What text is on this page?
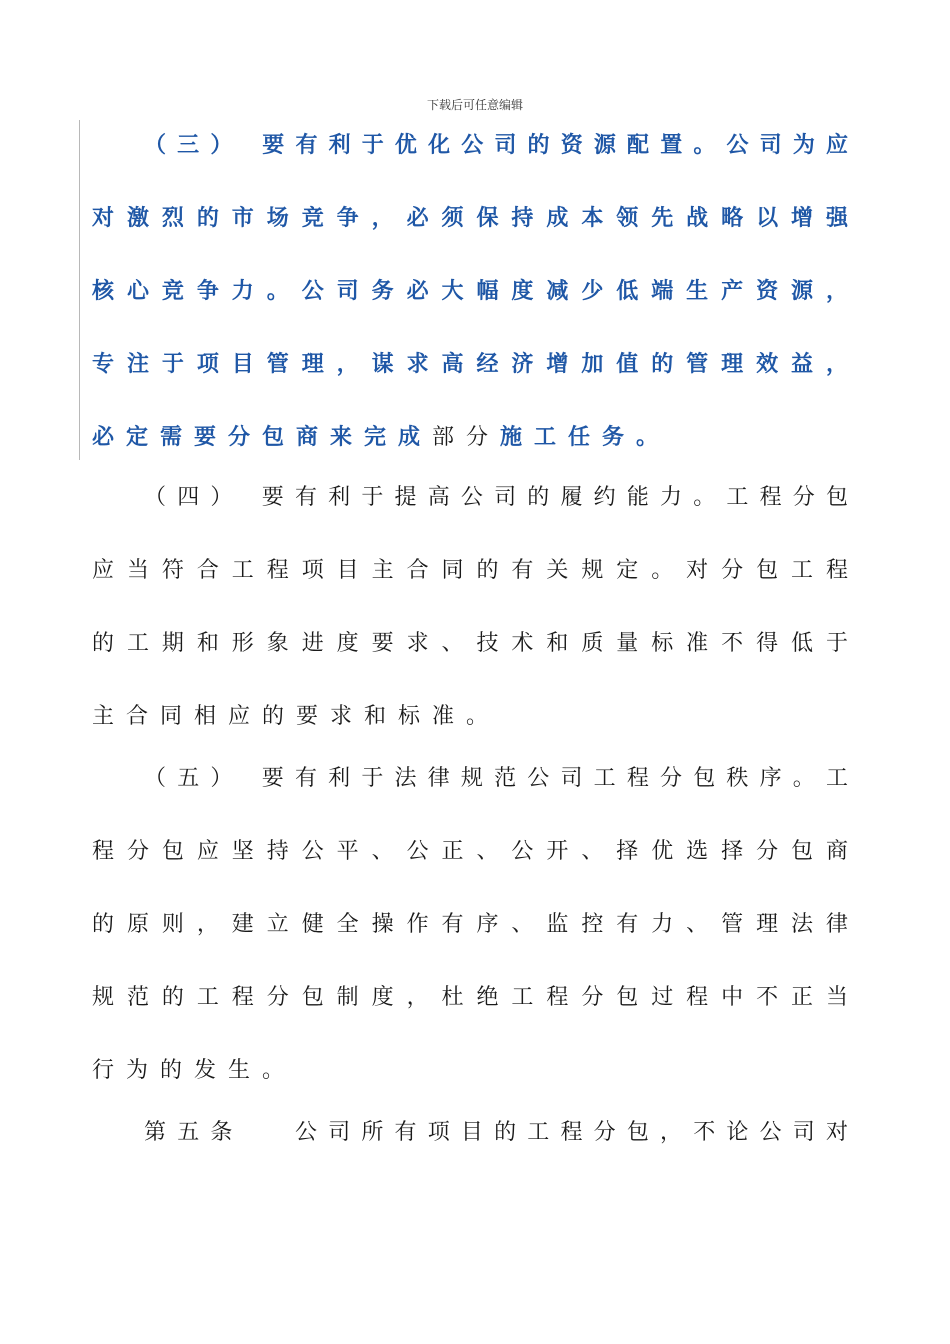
下载后可任意编辑
（三） 要有利于优化公司的资源配置。公司为应
对激烈的市场竞争，必须保持成本领先战略以增强
核心竞争力。公司务必大幅度减少低端生产资源，
专注于项目管理，谋求高经济增加值的管理效益，
必定需要分包商来完成部分施工任务。
（四） 要有利于提高公司的履约能力。工程分包
应当符合工程项目主合同的有关规定。对分包工程
的工期和形象进度要求、技术和质量标准不得低于
主合同相应的要求和标准。
（五） 要有利于法律规范公司工程分包秩序。工
程分包应坚持公平、公正、公开、择优选择分包商
的原则，建立健全操作有序、监控有力、管理法律
规范的工程分包制度，杜绝工程分包过程中不正当
行为的发生。
第五条　 公司所有项目的工程分包，不论公司对
